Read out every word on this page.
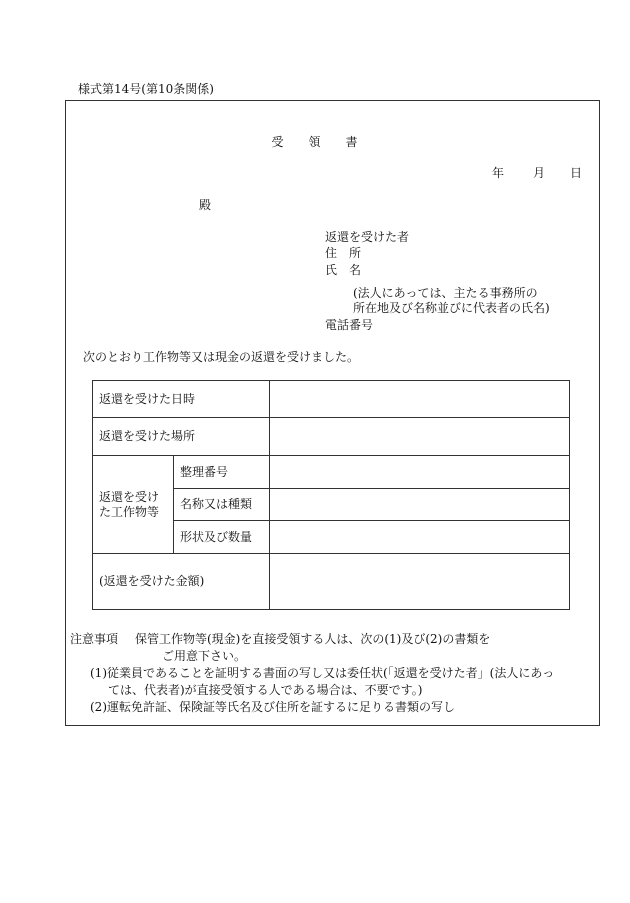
様式第14号(第10条関係)
受 領 書
年 月 日
殿
返還を受けた者
住　所
氏　名
(法人にあっては、主たる事務所の
所在地及び名称並びに代表者の氏名)
電話番号
次のとおり工作物等又は現金の返還を受けました。
返還を受けた日時		
返還を受けた場所		

返還を受け
た工作物等	整理番号	
	名称又は種類	
	形状及び数量	
(返還を受けた金額)		
注意事項 保管工作物等(現金)を直接受領する人は、次の(1)及び(2)の書類を
ご用意下さい。
(1)従業員であることを証明する書面の写し又は委任状(「返還を受けた者」(法人にあっ
ては、代表者)が直接受領する人である場合は、不要です。)
(2)運転免許証、保険証等氏名及び住所を証するに足りる書類の写し
